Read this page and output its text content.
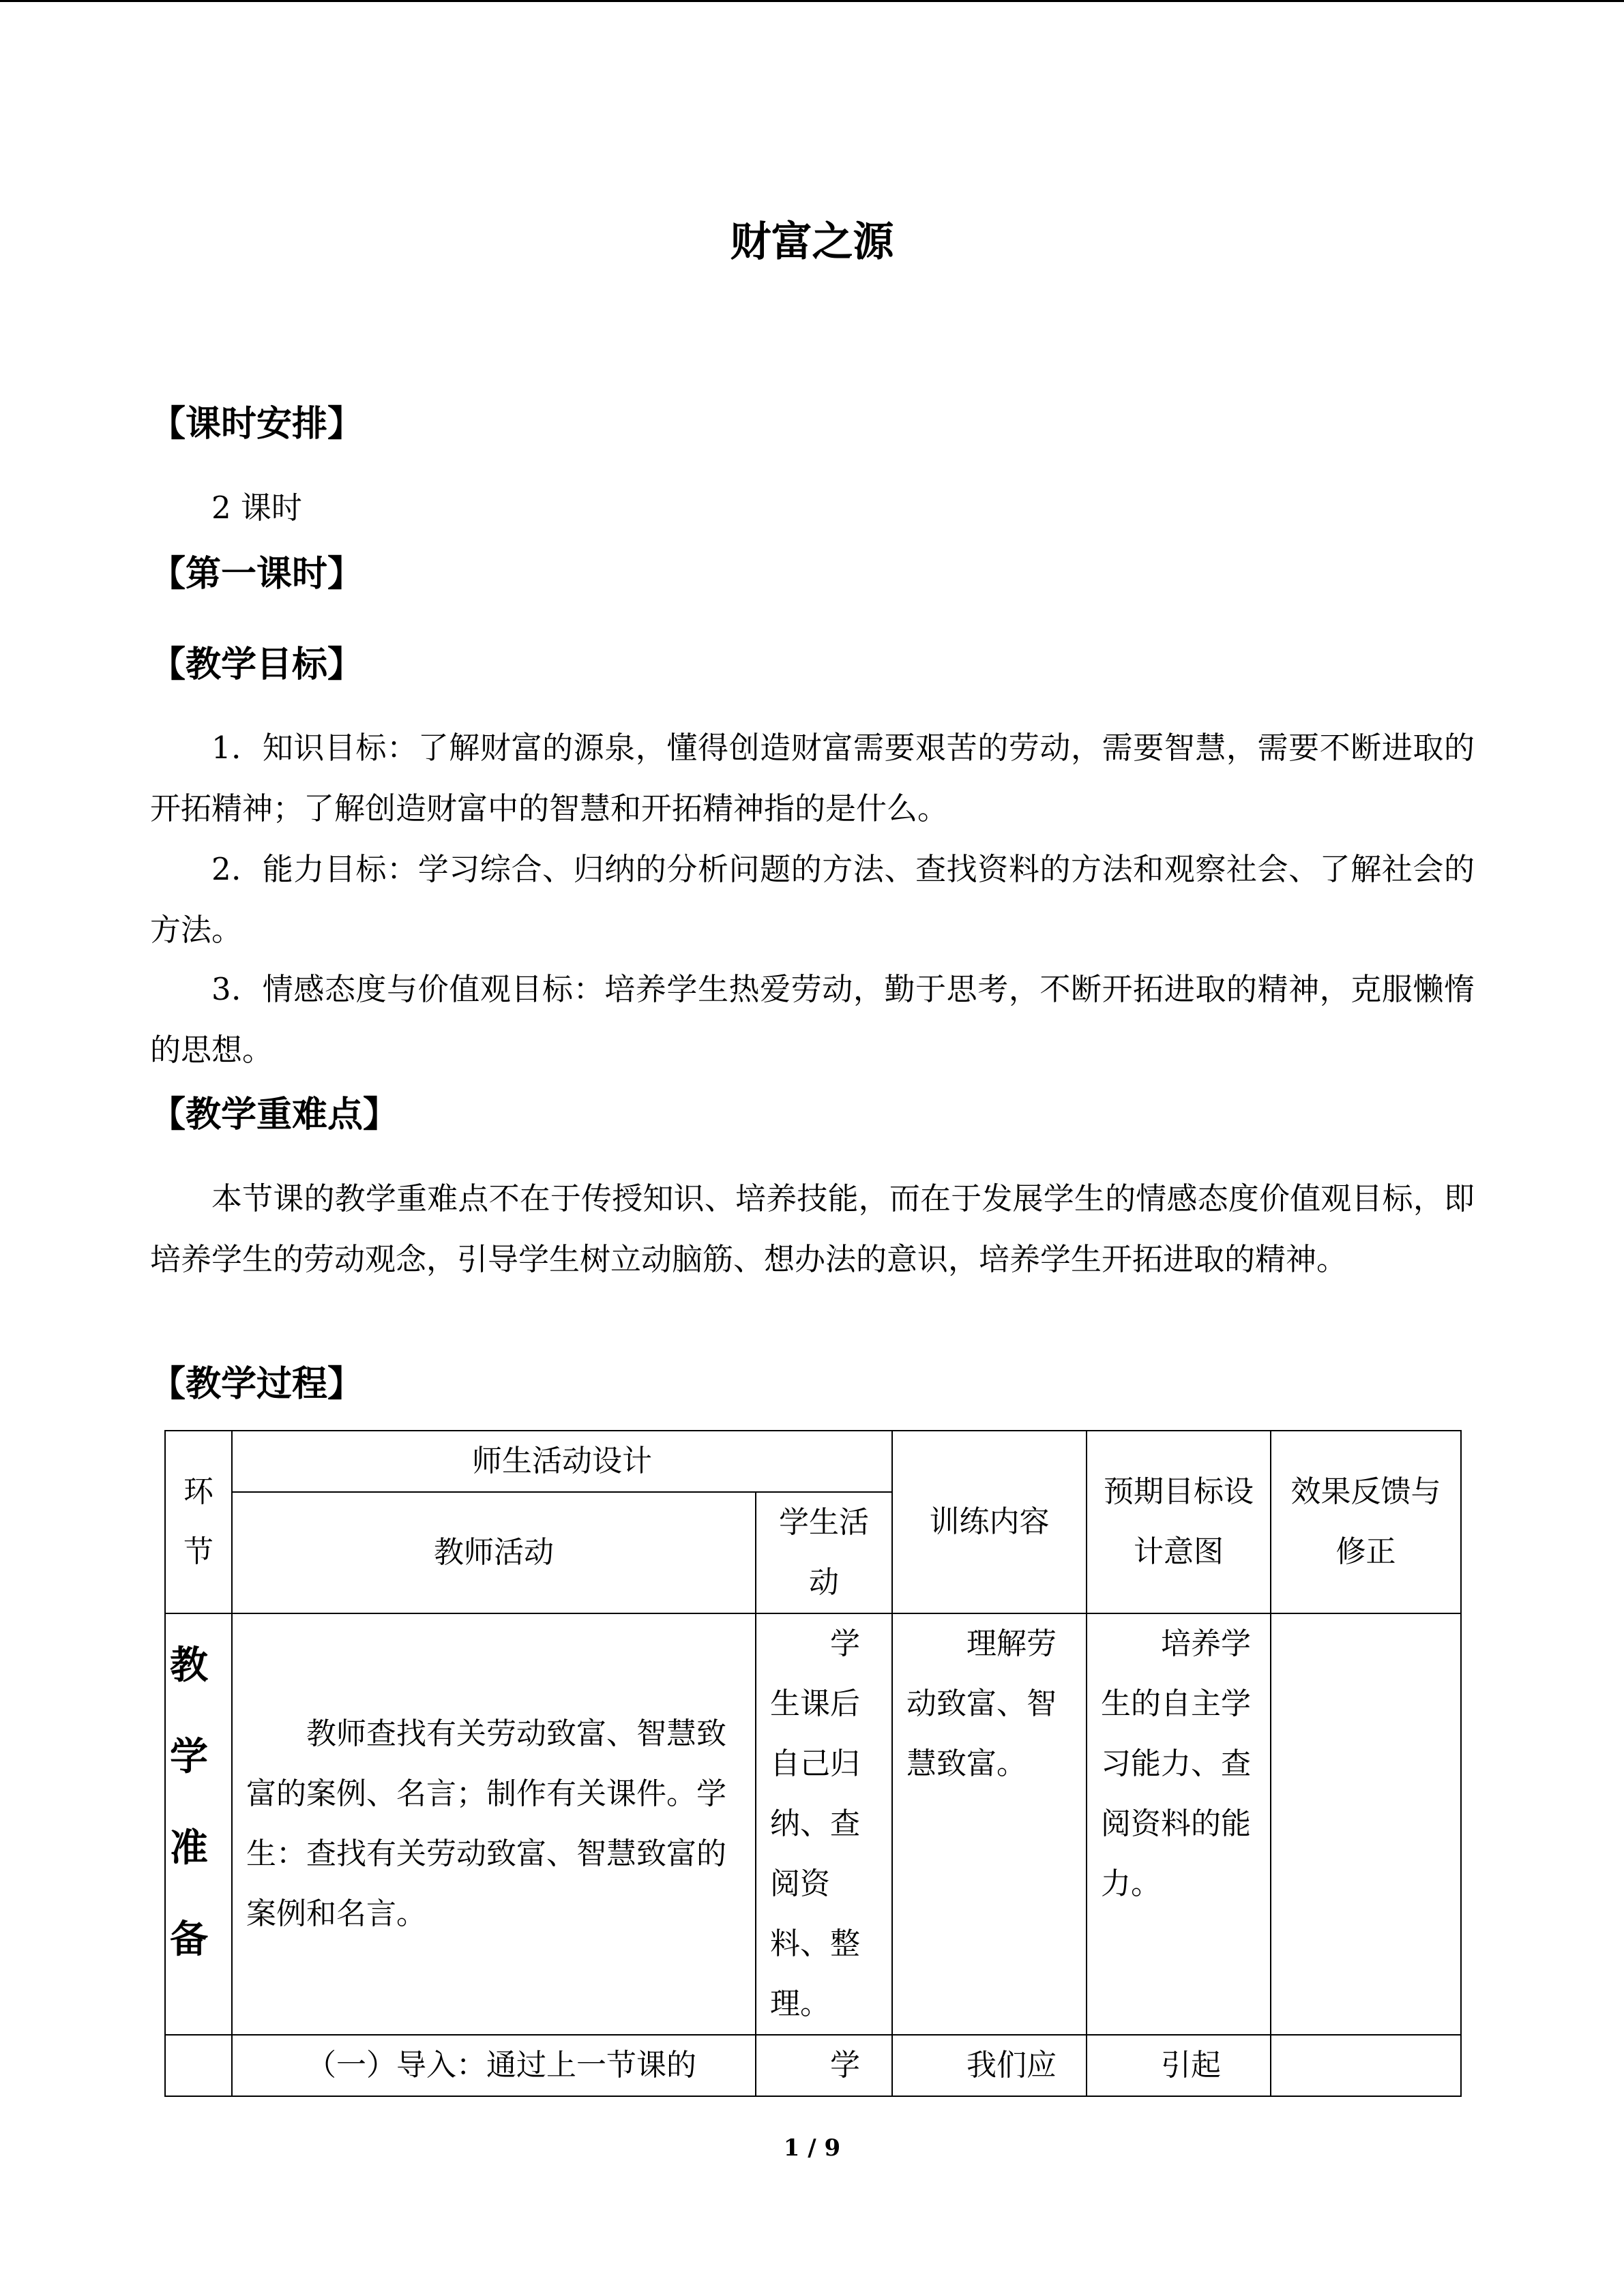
财富之源
【课时安排】
2 课时
【第一课时】
【教学目标】
1．知识目标：了解财富的源泉，懂得创造财富需要艰苦的劳动，需要智慧，需要不断进取的开拓精神；了解创造财富中的智慧和开拓精神指的是什么。
2．能力目标：学习综合、归纳的分析问题的方法、查找资料的方法和观察社会、了解社会的方法。
3．情感态度与价值观目标：培养学生热爱劳动，勤于思考，不断开拓进取的精神，克服懒惰的思想。
【教学重难点】
本节课的教学重难点不在于传授知识、培养技能，而在于发展学生的情感态度价值观目标，即培养学生的劳动观念，引导学生树立动脑筋、想办法的意识，培养学生开拓进取的精神。
【教学过程】
环节	师生活动设计		训练内容	预期目标设计意图	效果反馈与修正
	教师活动	学生活动			
教学准备	教师查找有关劳动致富、智慧致富的案例、名言；制作有关课件。学生：查找有关劳动致富、智慧致富的案例和名言。	学生课后自己归纳、查阅资料、整理。	理解劳动致富、智慧致富。	培养学生的自主学习能力、查阅资料的能力。	
	（一）导入：通过上一节课的	学	我们应	引起	
1 / 9
